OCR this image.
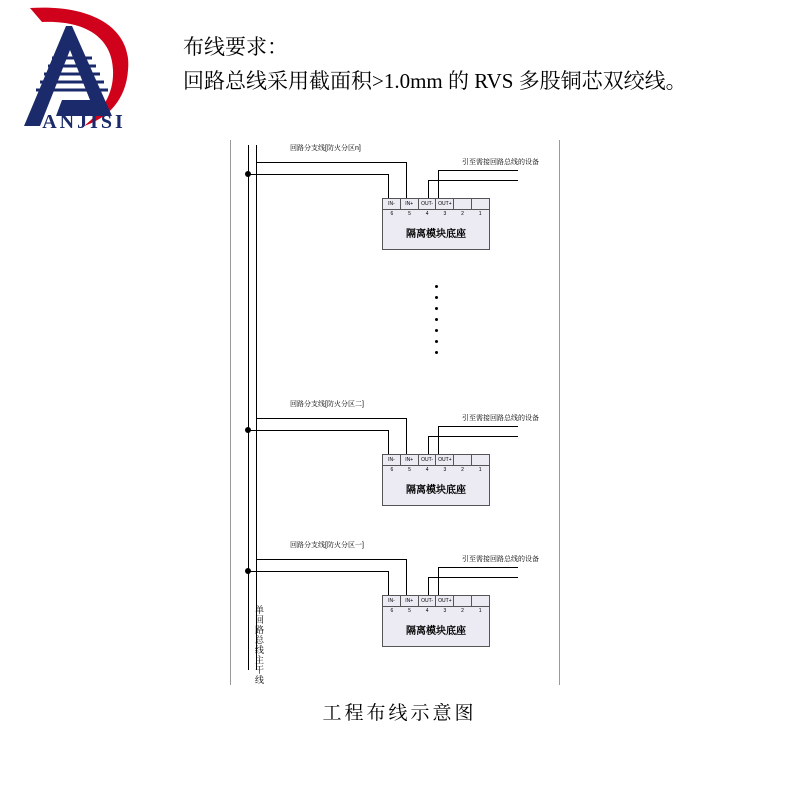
ANJISI
布线要求：
回路总线采用截面积>1.0mm 的 RVS 多股铜芯双绞线。
回路分支线[防火分区n]
引至需接回路总线的设备
IN-	IN+	OUT-	OUT+
6	5	4	3	2	1
隔离模块底座
回路分支线[防火分区二]
引至需接回路总线的设备
IN-	IN+	OUT-	OUT+
6	5	4	3	2	1
隔离模块底座
回路分支线[防火分区一]
引至需接回路总线的设备
IN-	IN+	OUT-	OUT+
6	5	4	3	2	1
隔离模块底座
单回路总线主干线
工程布线示意图
